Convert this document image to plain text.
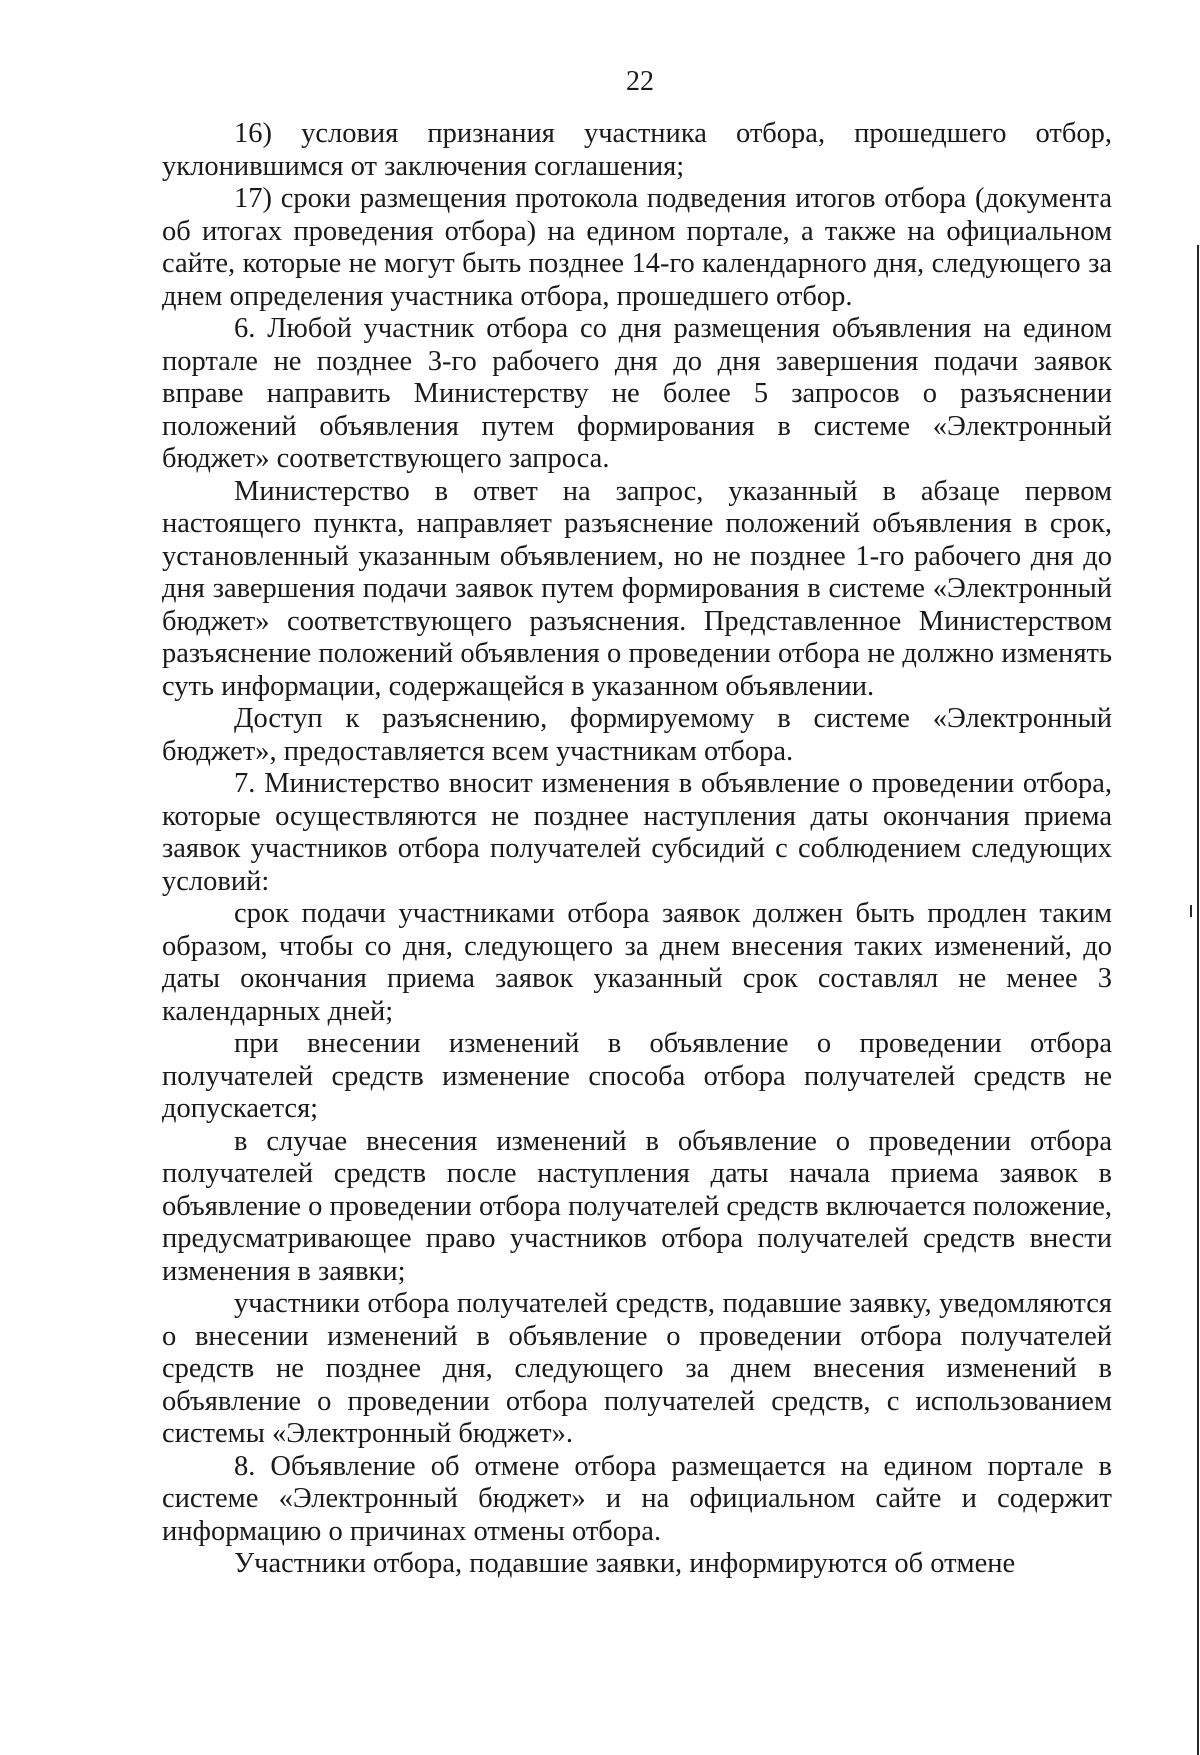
22

16) условия признания участника отбора, прошедшего отбор, уклонившимся от заключения соглашения;

17) сроки размещения протокола подведения итогов отбора (документа об итогах проведения отбора) на едином портале, а также на официальном сайте, которые не могут быть позднее 14-го календарного дня, следующего за днем определения участника отбора, прошедшего отбор.

6. Любой участник отбора со дня размещения объявления на едином портале не позднее 3-го рабочего дня до дня завершения подачи заявок вправе направить Министерству не более 5 запросов о разъяснении положений объявления путем формирования в системе «Электронный бюджет» соответствующего запроса.

Министерство в ответ на запрос, указанный в абзаце первом настоящего пункта, направляет разъяснение положений объявления в срок, установленный указанным объявлением, но не позднее 1-го рабочего дня до дня завершения подачи заявок путем формирования в системе «Электронный бюджет» соответствующего разъяснения. Представленное Министерством разъяснение положений объявления о проведении отбора не должно изменять суть информации, содержащейся в указанном объявлении.

Доступ к разъяснению, формируемому в системе «Электронный бюджет», предоставляется всем участникам отбора.

7. Министерство вносит изменения в объявление о проведении отбора, которые осуществляются не позднее наступления даты окончания приема заявок участников отбора получателей субсидий с соблюдением следующих условий:

срок подачи участниками отбора заявок должен быть продлен таким образом, чтобы со дня, следующего за днем внесения таких изменений, до даты окончания приема заявок указанный срок составлял не менее 3 календарных дней;

при внесении изменений в объявление о проведении отбора получателей средств изменение способа отбора получателей средств не допускается;

в случае внесения изменений в объявление о проведении отбора получателей средств после наступления даты начала приема заявок в объявление о проведении отбора получателей средств включается положение, предусматривающее право участников отбора получателей средств внести изменения в заявки;

участники отбора получателей средств, подавшие заявку, уведомляются о внесении изменений в объявление о проведении отбора получателей средств не позднее дня, следующего за днем внесения изменений в объявление о проведении отбора получателей средств, с использованием системы «Электронный бюджет».

8. Объявление об отмене отбора размещается на едином портале в системе «Электронный бюджет» и на официальном сайте и содержит информацию о причинах отмены отбора.

Участники отбора, подавшие заявки, информируются об отмене
